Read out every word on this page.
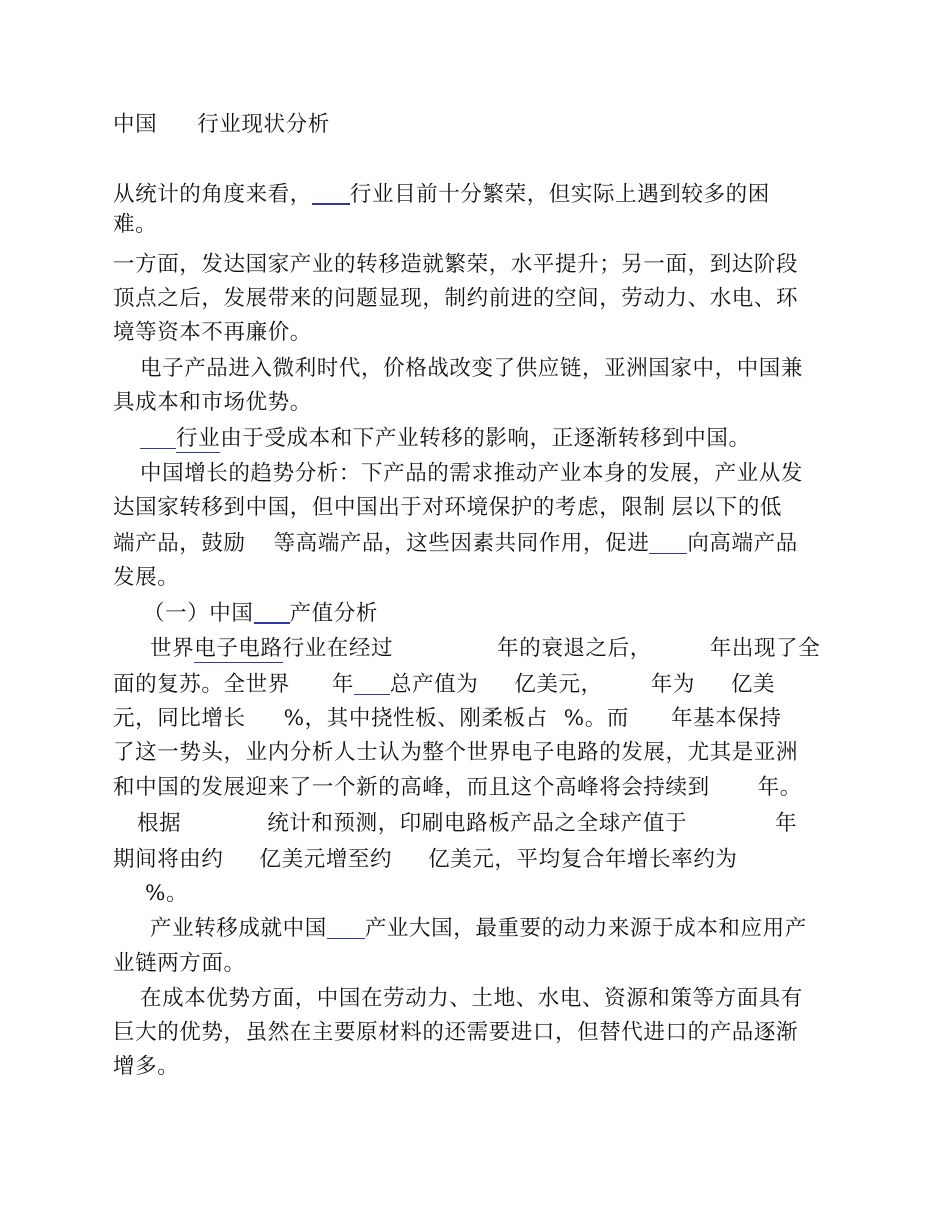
中国 行业现状分析
从统计的角度来看， 行业目前十分繁荣，但实际上遇到较多的困
难。
一方面，发达国家产业的转移造就繁荣，水平提升；另一面，到达阶段
顶点之后，发展带来的问题显现，制约前进的空间，劳动力、水电、环
境等资本不再廉价。
电子产品进入微利时代，价格战改变了供应链，亚洲国家中，中国兼
具成本和市场优势。
行业由于受成本和下产业转移的影响，正逐渐转移到中国。
中国增长的趋势分析：下产品的需求推动产业本身的发展，产业从发
达国家转移到中国，但中国出于对环境保护的考虑，限制 层以下的低
端产品，鼓励 等高端产品，这些因素共同作用，促进 向高端产品
发展。
（一）中国 产值分析
世界电子电路行业在经过	年的衰退之后，	年出现了全
面的复苏。全世界 年 总产值为 亿美元， 年为 亿美
元，同比增长 %，其中挠性板、刚柔板占 %。而 年基本保持
了这一势头，业内分析人士认为整个世界电子电路的发展，尤其是亚洲
和中国的发展迎来了一个新的高峰，而且这个高峰将会持续到 年。
根据	统计和预测，印刷电路板产品之全球产值于	年
期间将由约 亿美元增至约 亿美元，平均复合年增长率约为
%。
产业转移成就中国 产业大国，最重要的动力来源于成本和应用产
业链两方面。
在成本优势方面，中国在劳动力、土地、水电、资源和策等方面具有
巨大的优势，虽然在主要原材料的还需要进口，但替代进口的产品逐渐
增多。
